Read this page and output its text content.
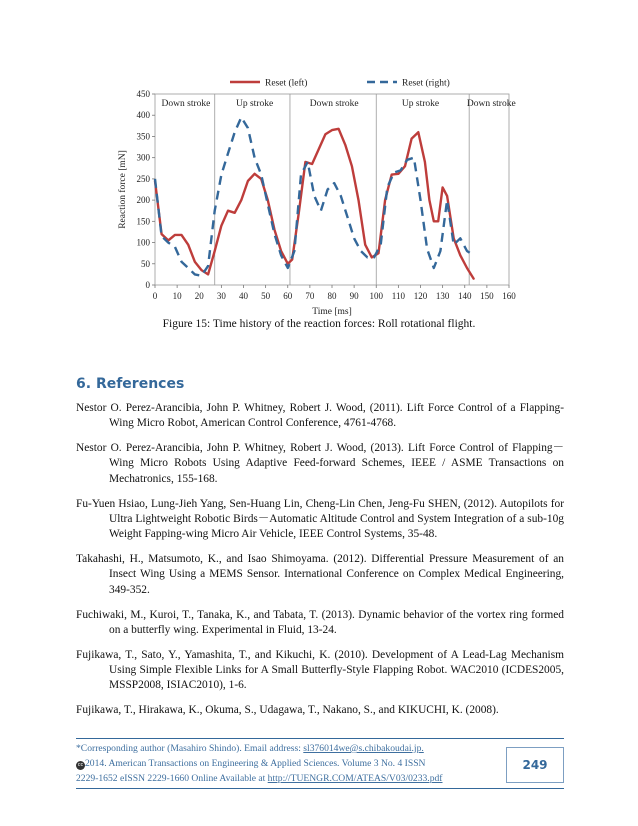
Down stroke	Up stroke	Down stroke	Up stroke	Down stroke
0 10 20 30 40 50 60 70 80 90 100 110 120 130 140 150 160
0
50
100
150
200
250
300
350
400
450
Time [ms]
Reaction force [mN]
Reset (left)	Reset (right)
Figure 15: Time history of the reaction forces: Roll rotational flight.
6. References

Nestor O. Perez-Arancibia, John P. Whitney, Robert J. Wood, (2011). Lift Force Control of a Flapping-Wing Micro Robot, American Control Conference, 4761-4768.

Nestor O. Perez-Arancibia, John P. Whitney, Robert J. Wood, (2013). Lift Force Control of Flapping－Wing Micro Robots Using Adaptive Feed-forward Schemes, IEEE / ASME Transactions on Mechatronics, 155-168.

Fu-Yuen Hsiao, Lung-Jieh Yang, Sen-Huang Lin, Cheng-Lin Chen, Jeng-Fu SHEN, (2012). Autopilots for Ultra Lightweight Robotic Birds－Automatic Altitude Control and System Integration of a sub-10g Weight Fapping-wing Micro Air Vehicle, IEEE Control Systems, 35-48.

Takahashi, H., Matsumoto, K., and Isao Shimoyama. (2012). Differential Pressure Measurement of an Insect Wing Using a MEMS Sensor. International Conference on Complex Medical Engineering, 349-352.

Fuchiwaki, M., Kuroi, T., Tanaka, K., and Tabata, T. (2013). Dynamic behavior of the vortex ring formed on a butterfly wing. Experimental in Fluid, 13-24.

Fujikawa, T., Sato, Y., Yamashita, T., and Kikuchi, K. (2010). Development of A Lead-Lag Mechanism Using Simple Flexible Links for A Small Butterfly-Style Flapping Robot. WAC2010 (ICDES2005, MSSP2008, ISIAC2010), 1-6.

Fujikawa, T., Hirakawa, K., Okuma, S., Udagawa, T., Nakano, S., and KIKUCHI, K. (2008).

*Corresponding author (Masahiro Shindo). Email address: sl376014we@s.chibakoudai.jp.
cc 2014. American Transactions on Engineering & Applied Sciences. Volume 3 No. 4 ISSN
2229-1652 eISSN 2229-1660 Online Available at http://TUENGR.COM/ATEAS/V03/0233.pdf
249
